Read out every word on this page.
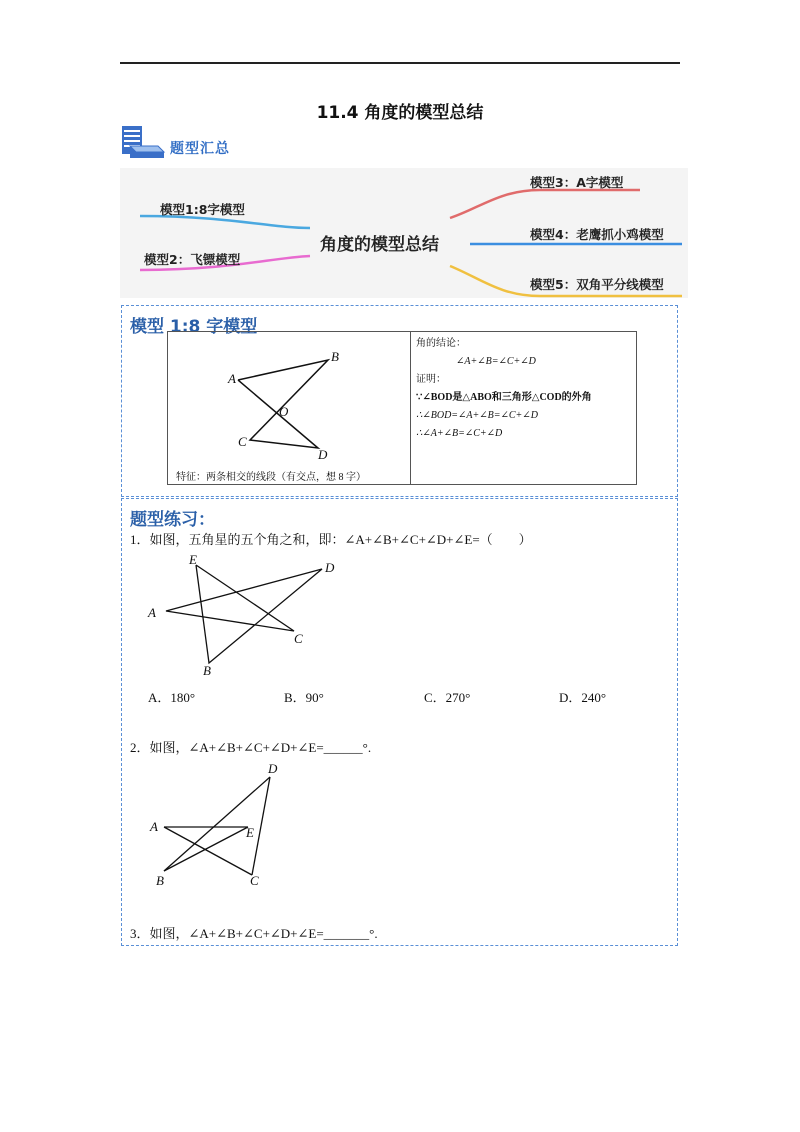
11.4 角度的模型总结
题型汇总
模型1:8字模型
模型2：飞镖模型
模型3：A字模型
模型4：老鹰抓小鸡模型
模型5：双角平分线模型
角度的模型总结
模型 1:8 字模型
A
B
O
C
D
特征：两条相交的线段（有交点，想 8 字）
角的结论：
∠A+∠B=∠C+∠D
证明：
∵∠BOD是△ABO和三角形△COD的外角
∴∠BOD=∠A+∠B=∠C+∠D
∴∠A+∠B=∠C+∠D
题型练习：
1．如图，五角星的五个角之和，即：∠A+∠B+∠C+∠D+∠E=（　　）
E
D
A
C
B
A．180°	B．90°	C．270°	D．240°
2．如图，∠A+∠B+∠C+∠D+∠E=______°.
D
A	E
B	C
3．如图，∠A+∠B+∠C+∠D+∠E=_______°.
